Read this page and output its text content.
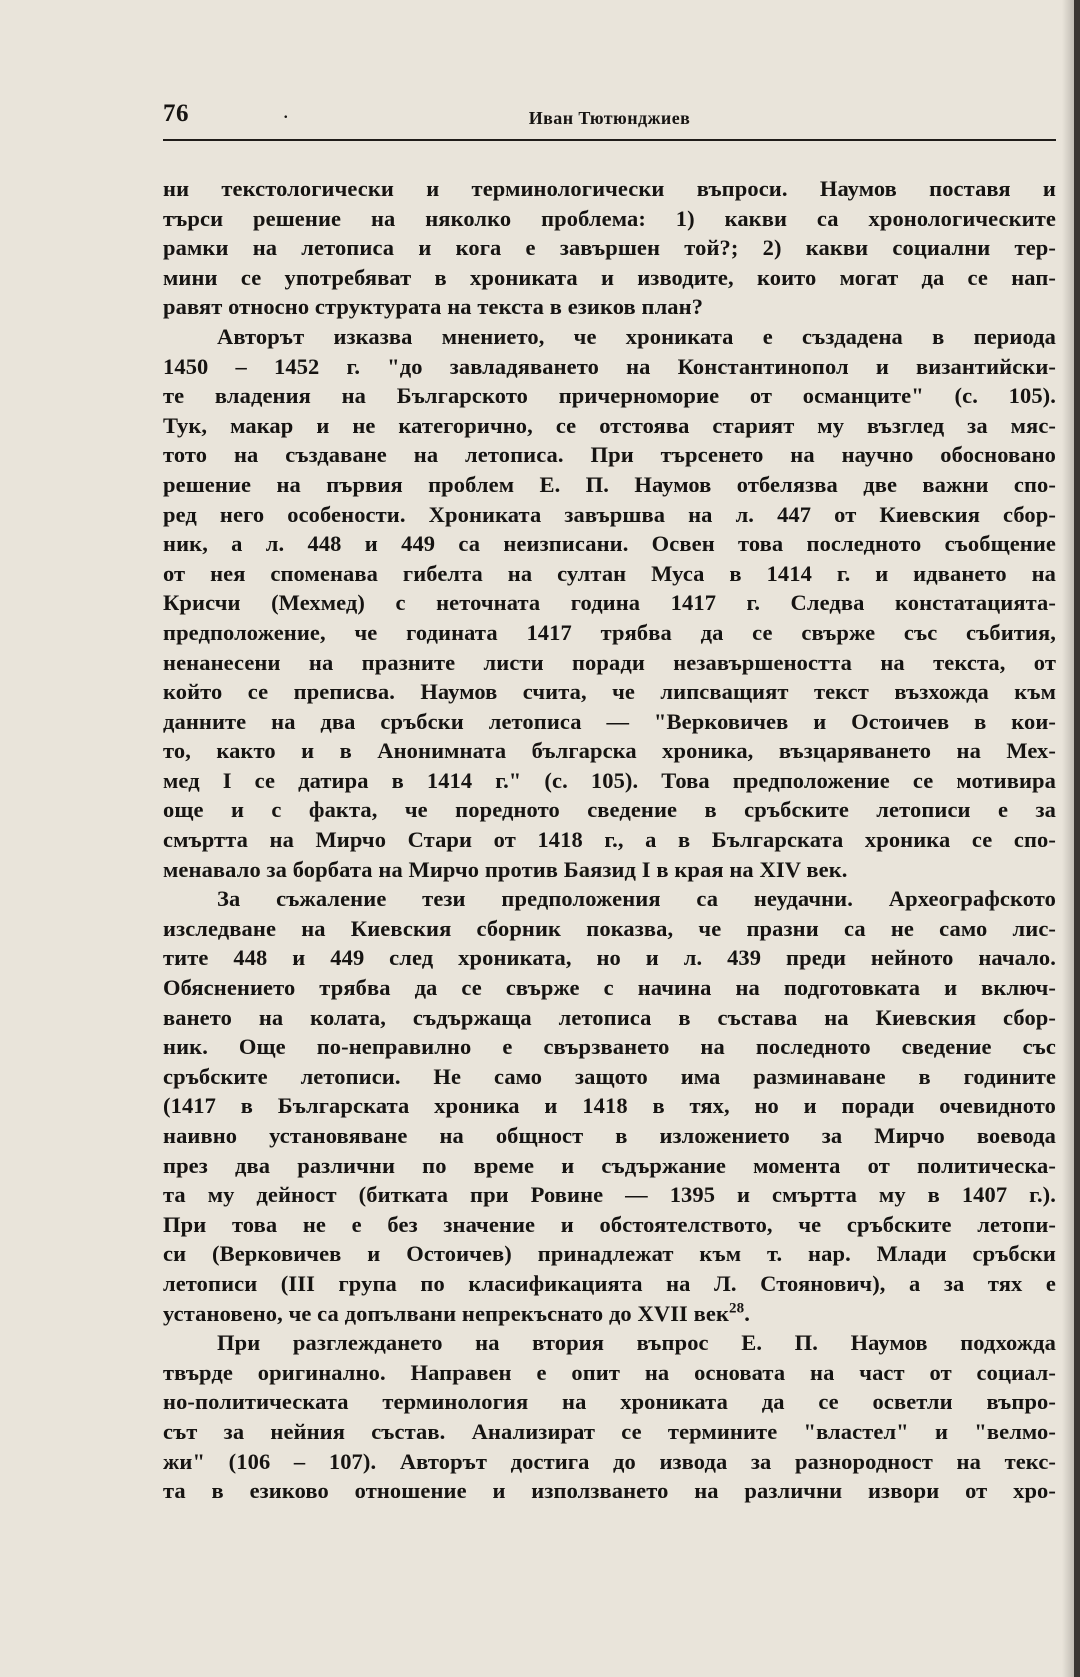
76	.	Иван Тютюнджиев
ни текстологически и терминологически въпроси. Наумов поставя и
търси решение на няколко проблема: 1) какви са хронологическите
рамки на летописа и кога е завършен той?; 2) какви социални тер-
мини се употребяват в хрониката и изводите, които могат да се нап-
равят относно структурата на текста в езиков план?
Авторът изказва мнението, че хрониката е създадена в периода
1450 – 1452 г. "до завладяването на Константинопол и византийски-
те владения на Българското причерноморие от османците" (с. 105).
Тук, макар и не категорично, се отстоява старият му възглед за мяс-
тото на създаване на летописа. При търсенето на научно обосновано
решение на първия проблем Е. П. Наумов отбелязва две важни спо-
ред него особености. Хрониката завършва на л. 447 от Киевския сбор-
ник, а л. 448 и 449 са неизписани. Освен това последното съобщение
от нея споменава гибелта на султан Муса в 1414 г. и идването на
Крисчи (Мехмед) с неточната година 1417 г. Следва констатацията-
предположение, че годината 1417 трябва да се свърже със събития,
ненанесени на празните листи поради незавършеността на текста, от
който се преписва. Наумов счита, че липсващият текст възхожда към
данните на два сръбски летописа — "Верковичев и Остоичев в кои-
то, както и в Анонимната българска хроника, възцаряването на Мех-
мед I се датира в 1414 г." (с. 105). Това предположение се мотивира
още и с факта, че поредното сведение в сръбските летописи е за
смъртта на Мирчо Стари от 1418 г., а в Българската хроника се спо-
менавало за борбата на Мирчо против Баязид I в края на XIV век.
За съжаление тези предположения са неудачни. Археографското
изследване на Киевския сборник показва, че празни са не само лис-
тите 448 и 449 след хрониката, но и л. 439 преди нейното начало.
Обяснението трябва да се свърже с начина на подготовката и включ-
ването на колата, съдържаща летописа в състава на Киевския сбор-
ник. Още по-неправилно е свързването на последното сведение със
сръбските летописи. Не само защото има разминаване в годините
(1417 в Българската хроника и 1418 в тях, но и поради очевидното
наивно установяване на общност в изложението за Мирчо воевода
през два различни по време и съдържание момента от политическа-
та му дейност (битката при Ровине — 1395 и смъртта му в 1407 г.).
При това не е без значение и обстоятелството, че сръбските летопи-
си (Верковичев и Остоичев) принадлежат към т. нар. Млади сръбски
летописи (III група по класификацията на Л. Стоянович), а за тях е
установено, че са допълвани непрекъснато до XVII век$^{28}$.
При разглеждането на втория въпрос Е. П. Наумов подхожда
твърде оригинално. Направен е опит на основата на част от социал-
но-политическата терминология на хрониката да се осветли въпро-
сът за нейния състав. Анализират се термините "властел" и "велмо-
жи" (106 – 107). Авторът достига до извода за разнородност на текс-
та в езиково отношение и използването на различни извори от хро-
